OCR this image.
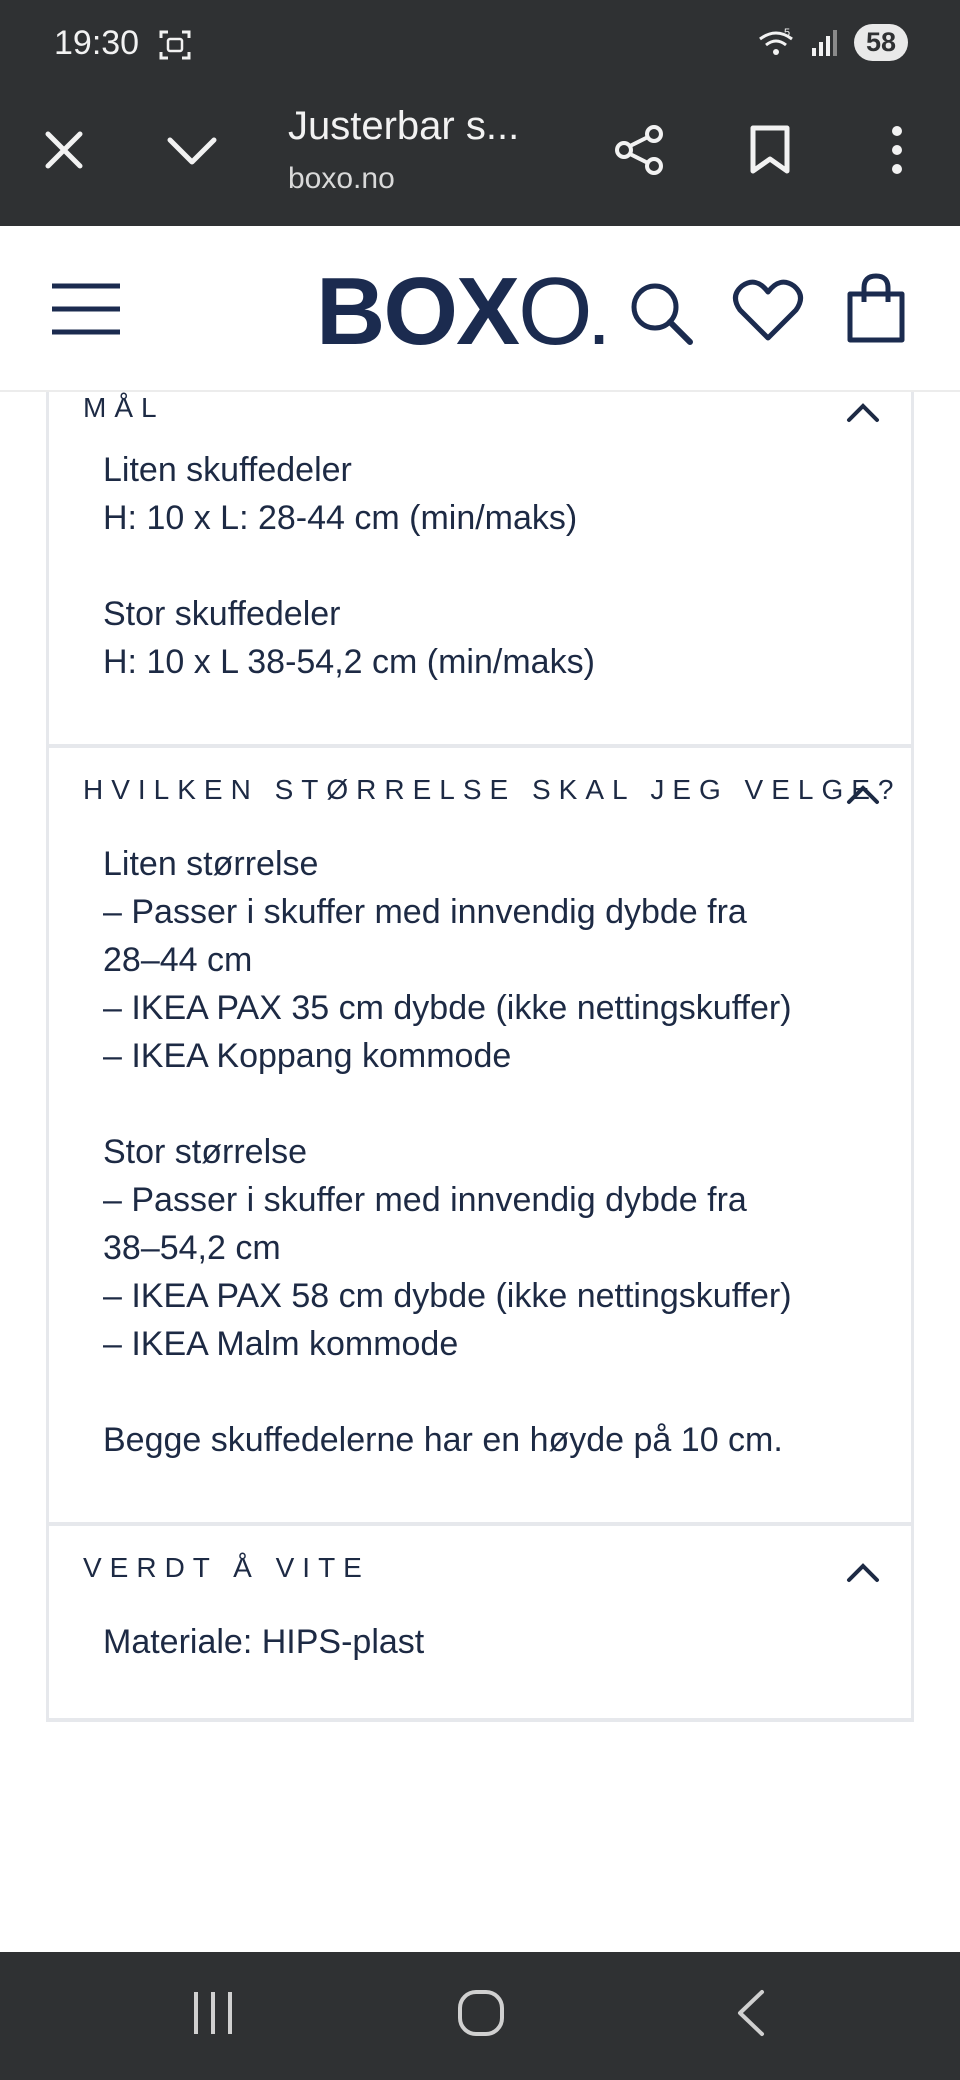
19:30	5	58
Justerbar s...
boxo.no
BOXO.
MÅL
Liten skuffedeler
H: 10 x L: 28-44 cm (min/maks)
Stor skuffedeler
H: 10 x L 38-54,2 cm (min/maks)
HVILKEN STØRRELSE SKAL JEG VELGE?
Liten størrelse
– Passer i skuffer med innvendig dybde fra
28–44 cm
– IKEA PAX 35 cm dybde (ikke nettingskuffer)
– IKEA Koppang kommode
Stor størrelse
– Passer i skuffer med innvendig dybde fra
38–54,2 cm
– IKEA PAX 58 cm dybde (ikke nettingskuffer)
– IKEA Malm kommode
Begge skuffedelerne har en høyde på 10 cm.
VERDT Å VITE
Materiale: HIPS-plast
